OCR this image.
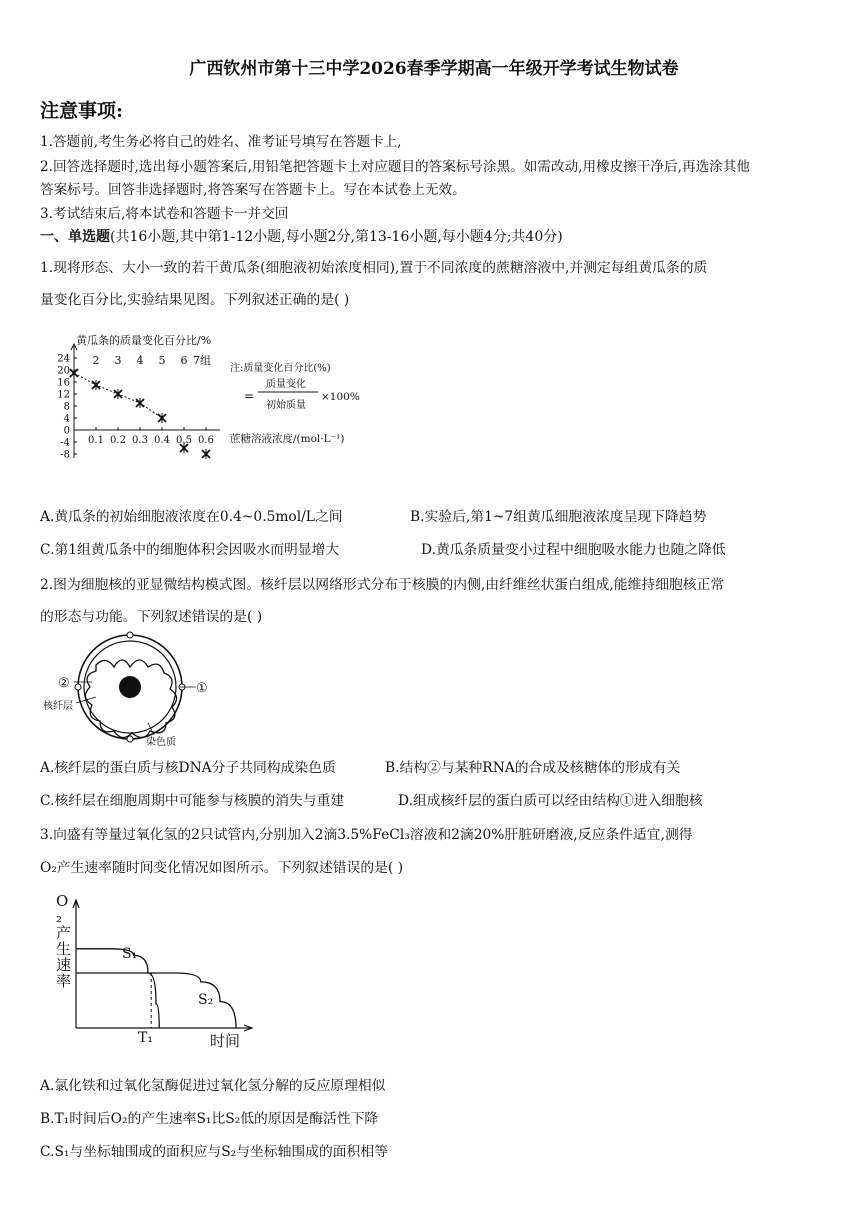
广西钦州市第十三中学2026春季学期高一年级开学考试生物试卷
注意事项:
1.答题前,考生务必将自己的姓名、准考证号填写在答题卡上,
2.回答选择题时,选出每小题答案后,用铅笔把答题卡上对应题目的答案标号涂黑。如需改动,用橡皮擦干净后,再选涂其他
答案标号。回答非选择题时,将答案写在答题卡上。写在本试卷上无效。
3.考试结束后,将本试卷和答题卡一并交回
一、单选题(共16小题,其中第1-12小题,每小题2分,第13-16小题,每小题4分;共40分)
1.现将形态、大小一致的若干黄瓜条(细胞液初始浓度相同),置于不同浓度的蔗糖溶液中,并测定每组黄瓜条的质
量变化百分比,实验结果见图。下列叙述正确的是( )
24
20
16
12
8
4
0
-4
-8
0.1 0.2 0.3 0.4 0.5 0.6
2 3 4 5 6 7组
黄瓜条的质量变化百分比/%
蔗糖溶液浓度/(mol·L⁻¹)
注:质量变化百分比(%)
=
质量变化
初始质量
×100%
A.黄瓜条的初始细胞液浓度在0.4~0.5mol/L之间	B.实验后,第1~7组黄瓜细胞液浓度呈现下降趋势
C.第1组黄瓜条中的细胞体积会因吸水而明显增大	D.黄瓜条质量变小过程中细胞吸水能力也随之降低
2.图为细胞核的亚显微结构模式图。核纤层以网络形式分布于核膜的内侧,由纤维丝状蛋白组成,能维持细胞核正常
的形态与功能。下列叙述错误的是( )
②	①
核纤层
染色质
A.核纤层的蛋白质与核DNA分子共同构成染色质	B.结构②与某种RNA的合成及核糖体的形成有关
C.核纤层在细胞周期中可能参与核膜的消失与重建	D.组成核纤层的蛋白质可以经由结构①进入细胞核
3.向盛有等量过氧化氢的2只试管内,分别加入2滴3.5%FeCl₃溶液和2滴20%肝脏研磨液,反应条件适宜,测得
O₂产生速率随时间变化情况如图所示。下列叙述错误的是( )
O ₂ 产生速率
时间
S₁
S₂
T₁
A.氯化铁和过氧化氢酶促进过氧化氢分解的反应原理相似
B.T₁时间后O₂的产生速率S₁比S₂低的原因是酶活性下降
C.S₁与坐标轴围成的面积应与S₂与坐标轴围成的面积相等
